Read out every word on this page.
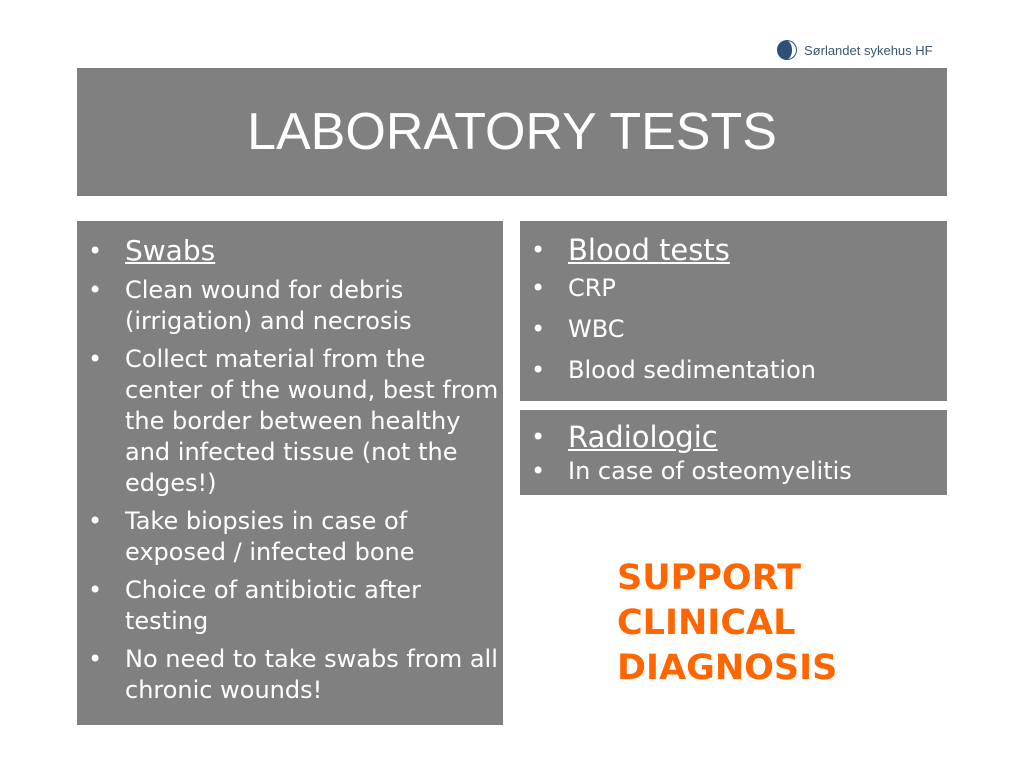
Sørlandet sykehus HF
LABORATORY TESTS
• Swabs
• Clean wound for debris (irrigation) and necrosis
• Collect material from the center of the wound, best from the border between healthy and infected tissue (not the edges!)
• Take biopsies in case of exposed / infected bone
• Choice of antibiotic after testing
• No need to take swabs from all chronic wounds!
• Blood tests
• CRP
• WBC
• Blood sedimentation
• Radiologic
• In case of osteomyelitis
SUPPORT
CLINICAL
DIAGNOSIS
